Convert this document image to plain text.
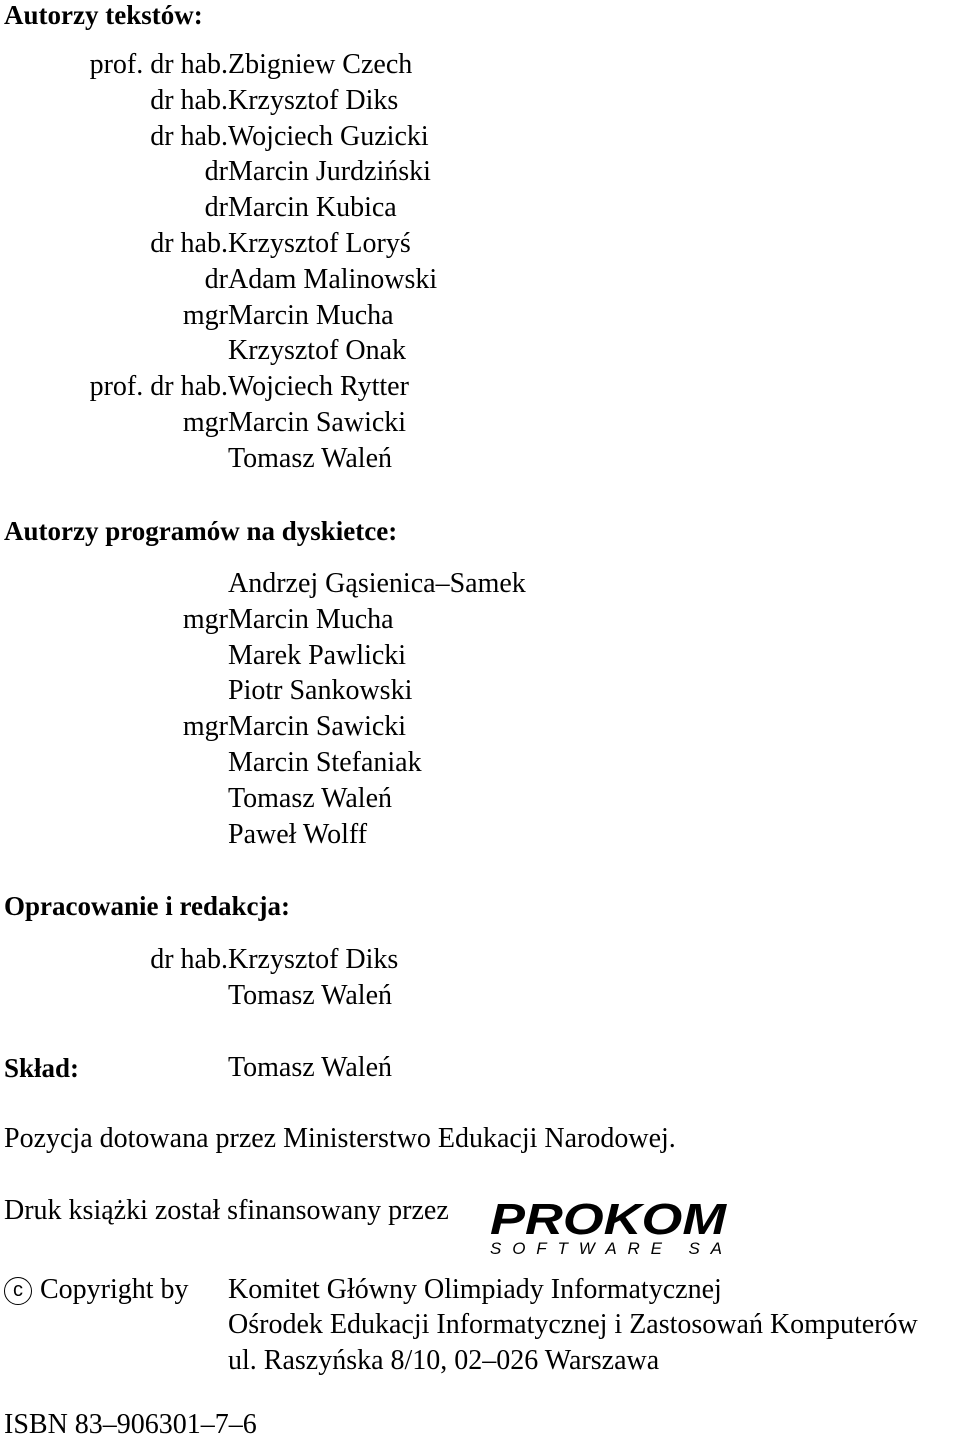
Autorzy tekstów:
prof. dr hab. Zbigniew Czech
dr hab. Krzysztof Diks
dr hab. Wojciech Guzicki
dr Marcin Jurdziński
dr Marcin Kubica
dr hab. Krzysztof Loryś
dr Adam Malinowski
mgr Marcin Mucha
Krzysztof Onak
prof. dr hab. Wojciech Rytter
mgr Marcin Sawicki
Tomasz Waleń
Autorzy programów na dyskietce:
Andrzej Gąsienica–Samek
mgr Marcin Mucha
Marek Pawlicki
Piotr Sankowski
mgr Marcin Sawicki
Marcin Stefaniak
Tomasz Waleń
Paweł Wolff
Opracowanie i redakcja:
dr hab. Krzysztof Diks
Tomasz Waleń
Skład:	Tomasz Waleń
Pozycja dotowana przez Ministerstwo Edukacji Narodowej.
Druk książki został sfinansowany przez PROKOM
SOFTWARE SA
c Copyright by Komitet Główny Olimpiady Informatycznej
Ośrodek Edukacji Informatycznej i Zastosowań Komputerów
ul. Raszyńska 8/10, 02–026 Warszawa
ISBN 83–906301–7–6
